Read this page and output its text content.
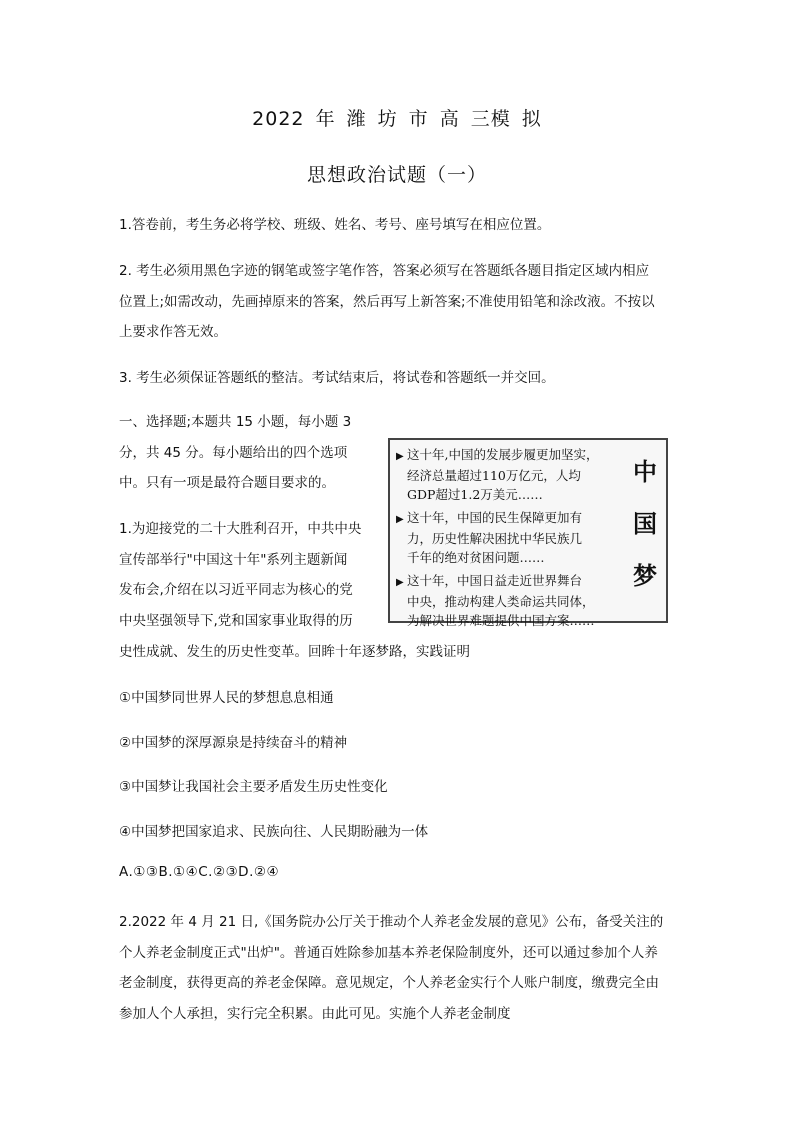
2022 年 潍 坊 市 高 三模 拟
思想政治试题（一）
1.答卷前，考生务必将学校、班级、姓名、考号、座号填写在相应位置。
2. 考生必须用黑色字迹的钢笔或签字笔作答，答案必须写在答题纸各题目指定区域内相应
位置上;如需改动，先画掉原来的答案，然后再写上新答案;不准使用铅笔和涂改液。不按以
上要求作答无效。
3. 考生必须保证答题纸的整洁。考试结束后，将试卷和答题纸一并交回。
一、选择题;本题共 15 小题，每小题 3
分，共 45 分。每小题给出的四个选项
中。只有一项是最符合题目要求的。
1.为迎接党的二十大胜利召开，中共中央
宣传部举行"中国这十年"系列主题新闻
发布会,介绍在以习近平同志为核心的党
中央坚强领导下,党和国家事业取得的历
史性成就、发生的历史性变革。回眸十年逐梦路，实践证明
①中国梦同世界人民的梦想息息相通
②中国梦的深厚源泉是持续奋斗的精神
③中国梦让我国社会主要矛盾发生历史性变化
④中国梦把国家追求、民族向往、人民期盼融为一体
A.①③B.①④C.②③D.②④
2.2022 年 4 月 21 日,《国务院办公厅关于推动个人养老金发展的意见》公布，备受关注的
个人养老金制度正式"出炉"。普通百姓除参加基本养老保险制度外，还可以通过参加个人养
老金制度，获得更高的养老金保障。意见规定，个人养老金实行个人账户制度，缴费完全由
参加人个人承担，实行完全积累。由此可见。实施个人养老金制度
▶ 这十年,中国的发展步履更加坚实，
经济总量超过110万亿元，人均
GDP超过1.2万美元……
▶ 这十年，中国的民生保障更加有
力，历史性解决困扰中华民族几
千年的绝对贫困问题……
▶ 这十年，中国日益走近世界舞台
中央，推动构建人类命运共同体，
为解决世界难题提供中国方案……
中
国
梦
